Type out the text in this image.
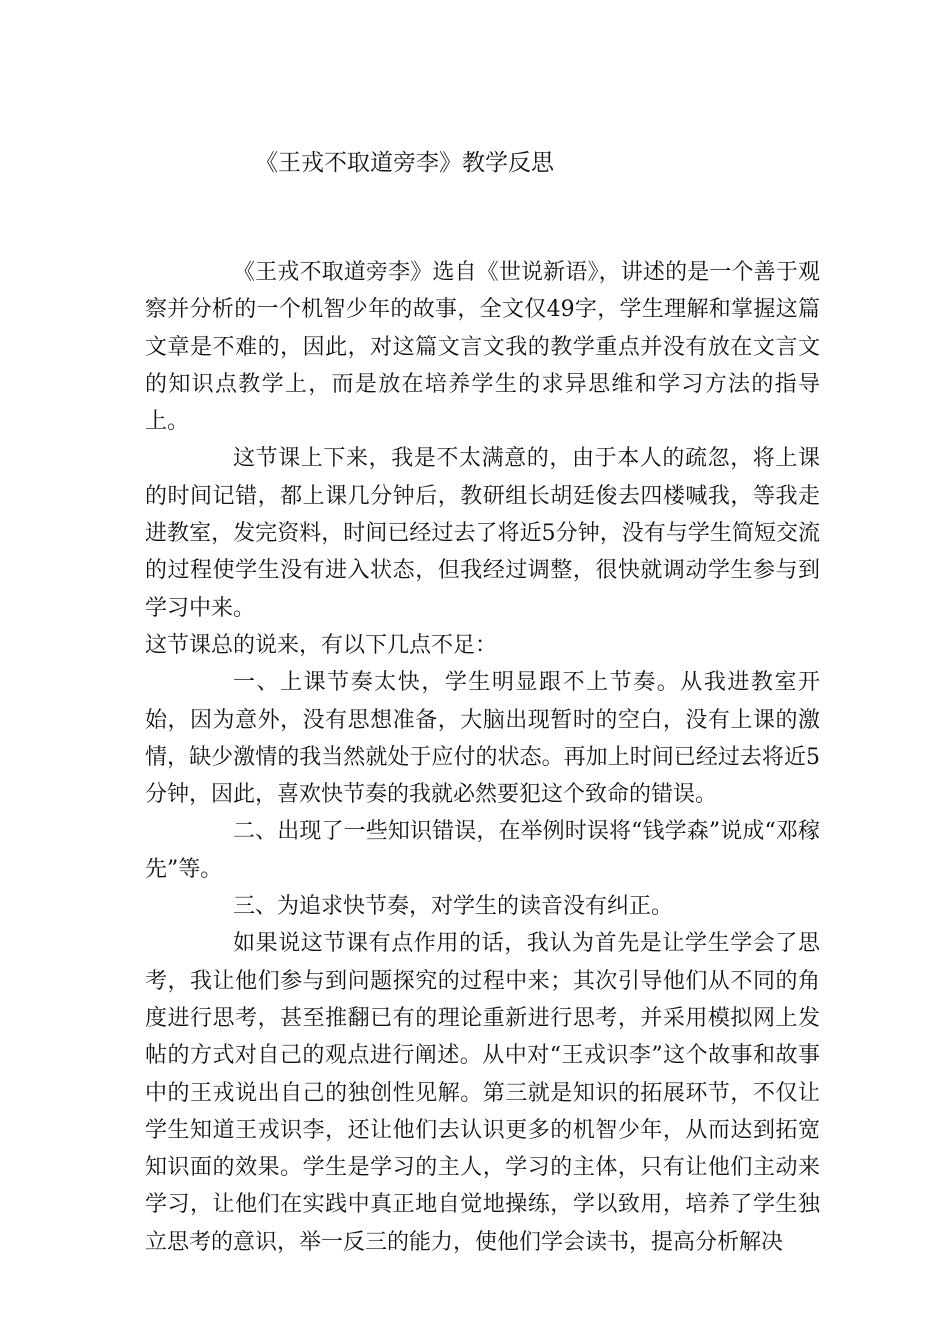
《王戎不取道旁李》教学反思

《王戎不取道旁李》选自《世说新语》，讲述的是一个善于观察并分析的一个机智少年的故事，全文仅49字，学生理解和掌握这篇文章是不难的，因此，对这篇文言文我的教学重点并没有放在文言文的知识点教学上，而是放在培养学生的求异思维和学习方法的指导上。

这节课上下来，我是不太满意的，由于本人的疏忽，将上课的时间记错，都上课几分钟后，教研组长胡廷俊去四楼喊我，等我走进教室，发完资料，时间已经过去了将近5分钟，没有与学生简短交流的过程使学生没有进入状态，但我经过调整，很快就调动学生参与到学习中来。

这节课总的说来，有以下几点不足：

一、上课节奏太快，学生明显跟不上节奏。从我进教室开始，因为意外，没有思想准备，大脑出现暂时的空白，没有上课的激情，缺少激情的我当然就处于应付的状态。再加上时间已经过去将近5分钟，因此，喜欢快节奏的我就必然要犯这个致命的错误。

二、出现了一些知识错误，在举例时误将“钱学森”说成“邓稼先”等。

三、为追求快节奏，对学生的读音没有纠正。

如果说这节课有点作用的话，我认为首先是让学生学会了思考，我让他们参与到问题探究的过程中来；其次引导他们从不同的角度进行思考，甚至推翻已有的理论重新进行思考，并采用模拟网上发帖的方式对自己的观点进行阐述。从中对“王戎识李”这个故事和故事中的王戎说出自己的独创性见解。第三就是知识的拓展环节，不仅让学生知道王戎识李，还让他们去认识更多的机智少年，从而达到拓宽知识面的效果。学生是学习的主人，学习的主体，只有让他们主动来学习，让他们在实践中真正地自觉地操练，学以致用，培养了学生独立思考的意识，举一反三的能力，使他们学会读书，提高分析解决
